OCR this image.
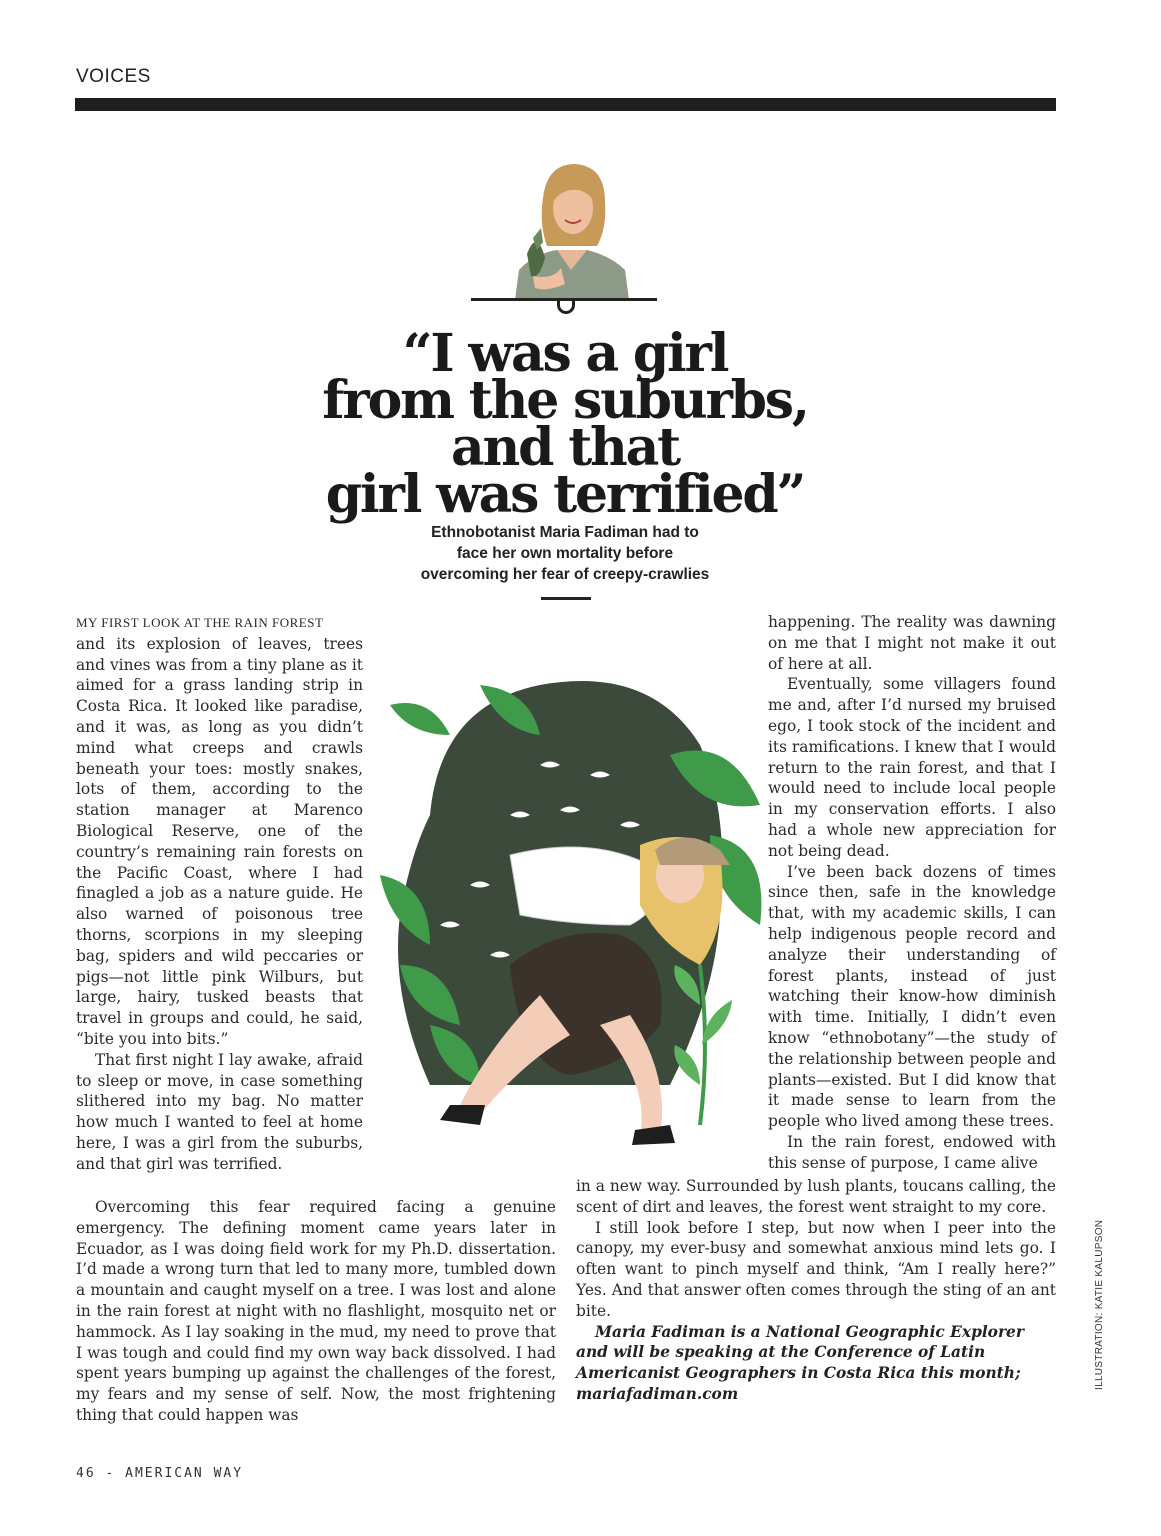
VOICES
“I was a girl
from the suburbs,
and that
girl was terrified”
Ethnobotanist Maria Fadiman had to
face her own mortality before
overcoming her fear of creepy-crawlies

MY FIRST LOOK AT THE RAIN FOREST
and its explosion of leaves, trees and vines was from a tiny plane as it aimed for a grass landing strip in Costa Rica. It looked like paradise, and it was, as long as you didn’t mind what creeps and crawls beneath your toes: mostly snakes, lots of them, according to the station manager at Marenco Biological Reserve, one of the country’s remaining rain forests on the Pacific Coast, where I had finagled a job as a nature guide. He also warned of poisonous tree thorns, scorpions in my sleeping bag, spiders and wild peccaries or pigs—not little pink Wilburs, but large, hairy, tusked beasts that travel in groups and could, he said, “bite you into bits.”

That first night I lay awake, afraid to sleep or move, in case something slithered into my bag. No matter how much I wanted to feel at home here, I was a girl from the suburbs, and that girl was terrified.

Overcoming this fear required facing a genuine emergency. The defining moment came years later in Ecuador, as I was doing field work for my Ph.D. dissertation. I’d made a wrong turn that led to many more, tumbled down a mountain and caught myself on a tree. I was lost and alone in the rain forest at night with no flashlight, mosquito net or hammock. As I lay soaking in the mud, my need to prove that I was tough and could find my own way back dissolved. I had spent years bumping up against the challenges of the forest, my fears and my sense of self. Now, the most frightening thing that could happen was

happening. The reality was dawning on me that I might not make it out of here at all.

Eventually, some villagers found me and, after I’d nursed my bruised ego, I took stock of the incident and its ramifications. I knew that I would return to the rain forest, and that I would need to include local people in my conservation efforts. I also had a whole new appreciation for not being dead.

I’ve been back dozens of times since then, safe in the knowledge that, with my academic skills, I can help indigenous people record and analyze their understanding of forest plants, instead of just watching their know-how diminish with time. Initially, I didn’t even know “ethnobotany”—the study of the relationship between people and plants—existed. But I did know that it made sense to learn from the people who lived among these trees.

In the rain forest, endowed with this sense of purpose, I came alive

in a new way. Surrounded by lush plants, toucans calling, the scent of dirt and leaves, the forest went straight to my core.

I still look before I step, but now when I peer into the canopy, my ever-busy and somewhat anxious mind lets go. I often want to pinch myself and think, “Am I really here?” Yes. And that answer often comes through the sting of an ant bite.

Maria Fadiman is a National Geographic Explorer and will be speaking at the Conference of Latin Americanist Geographers in Costa Rica this month; mariafadiman.com

ILLUSTRATION: KATIE KALUPSON
46 - AMERICAN WAY
